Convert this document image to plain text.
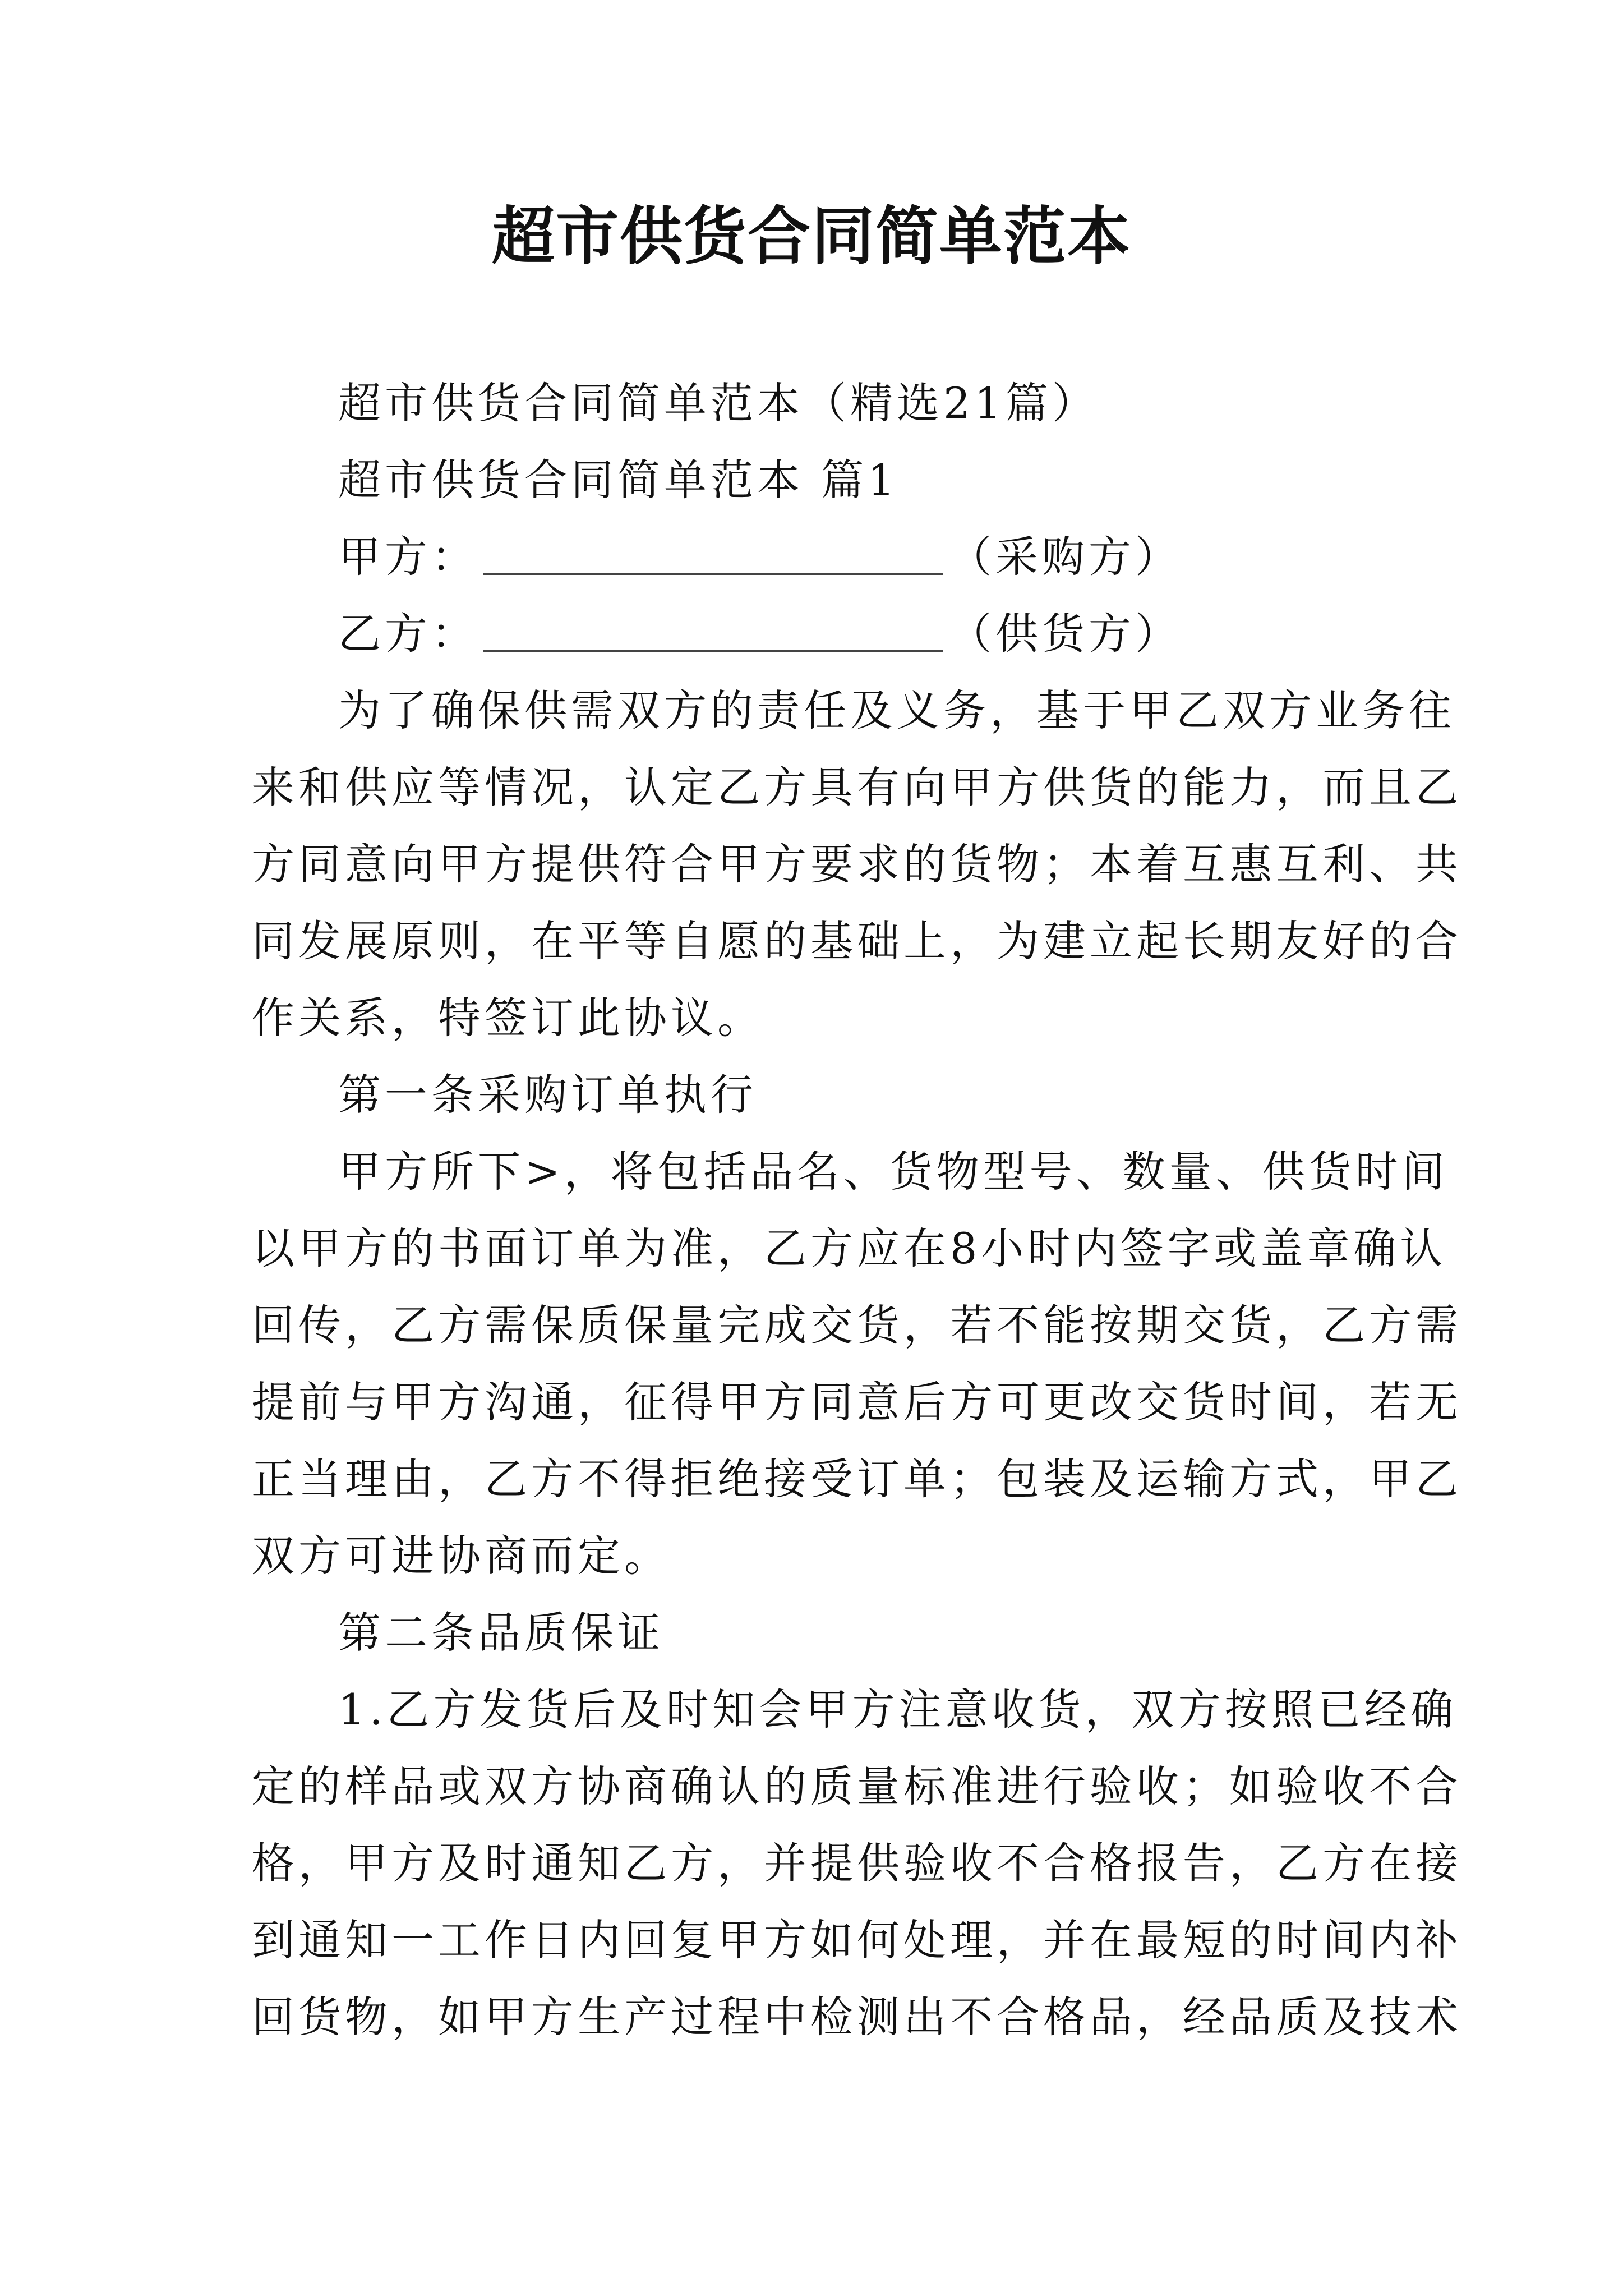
超市供货合同简单范本
超市供货合同简单范本（精选21篇）
超市供货合同简单范本 篇1
甲方：	（采购方）
乙方：	（供货方）
为了确保供需双方的责任及义务，基于甲乙双方业务往
来和供应等情况，认定乙方具有向甲方供货的能力，而且乙
方同意向甲方提供符合甲方要求的货物；本着互惠互利、共
同发展原则，在平等自愿的基础上，为建立起长期友好的合
作关系，特签订此协议。
第一条采购订单执行
甲方所下>，将包括品名、货物型号、数量、供货时间
以甲方的书面订单为准，乙方应在8小时内签字或盖章确认
回传，乙方需保质保量完成交货，若不能按期交货，乙方需
提前与甲方沟通，征得甲方同意后方可更改交货时间，若无
正当理由，乙方不得拒绝接受订单；包装及运输方式，甲乙
双方可进协商而定。
第二条品质保证
1.乙方发货后及时知会甲方注意收货，双方按照已经确
定的样品或双方协商确认的质量标准进行验收；如验收不合
格，甲方及时通知乙方，并提供验收不合格报告，乙方在接
到通知一工作日内回复甲方如何处理，并在最短的时间内补
回货物，如甲方生产过程中检测出不合格品，经品质及技术
